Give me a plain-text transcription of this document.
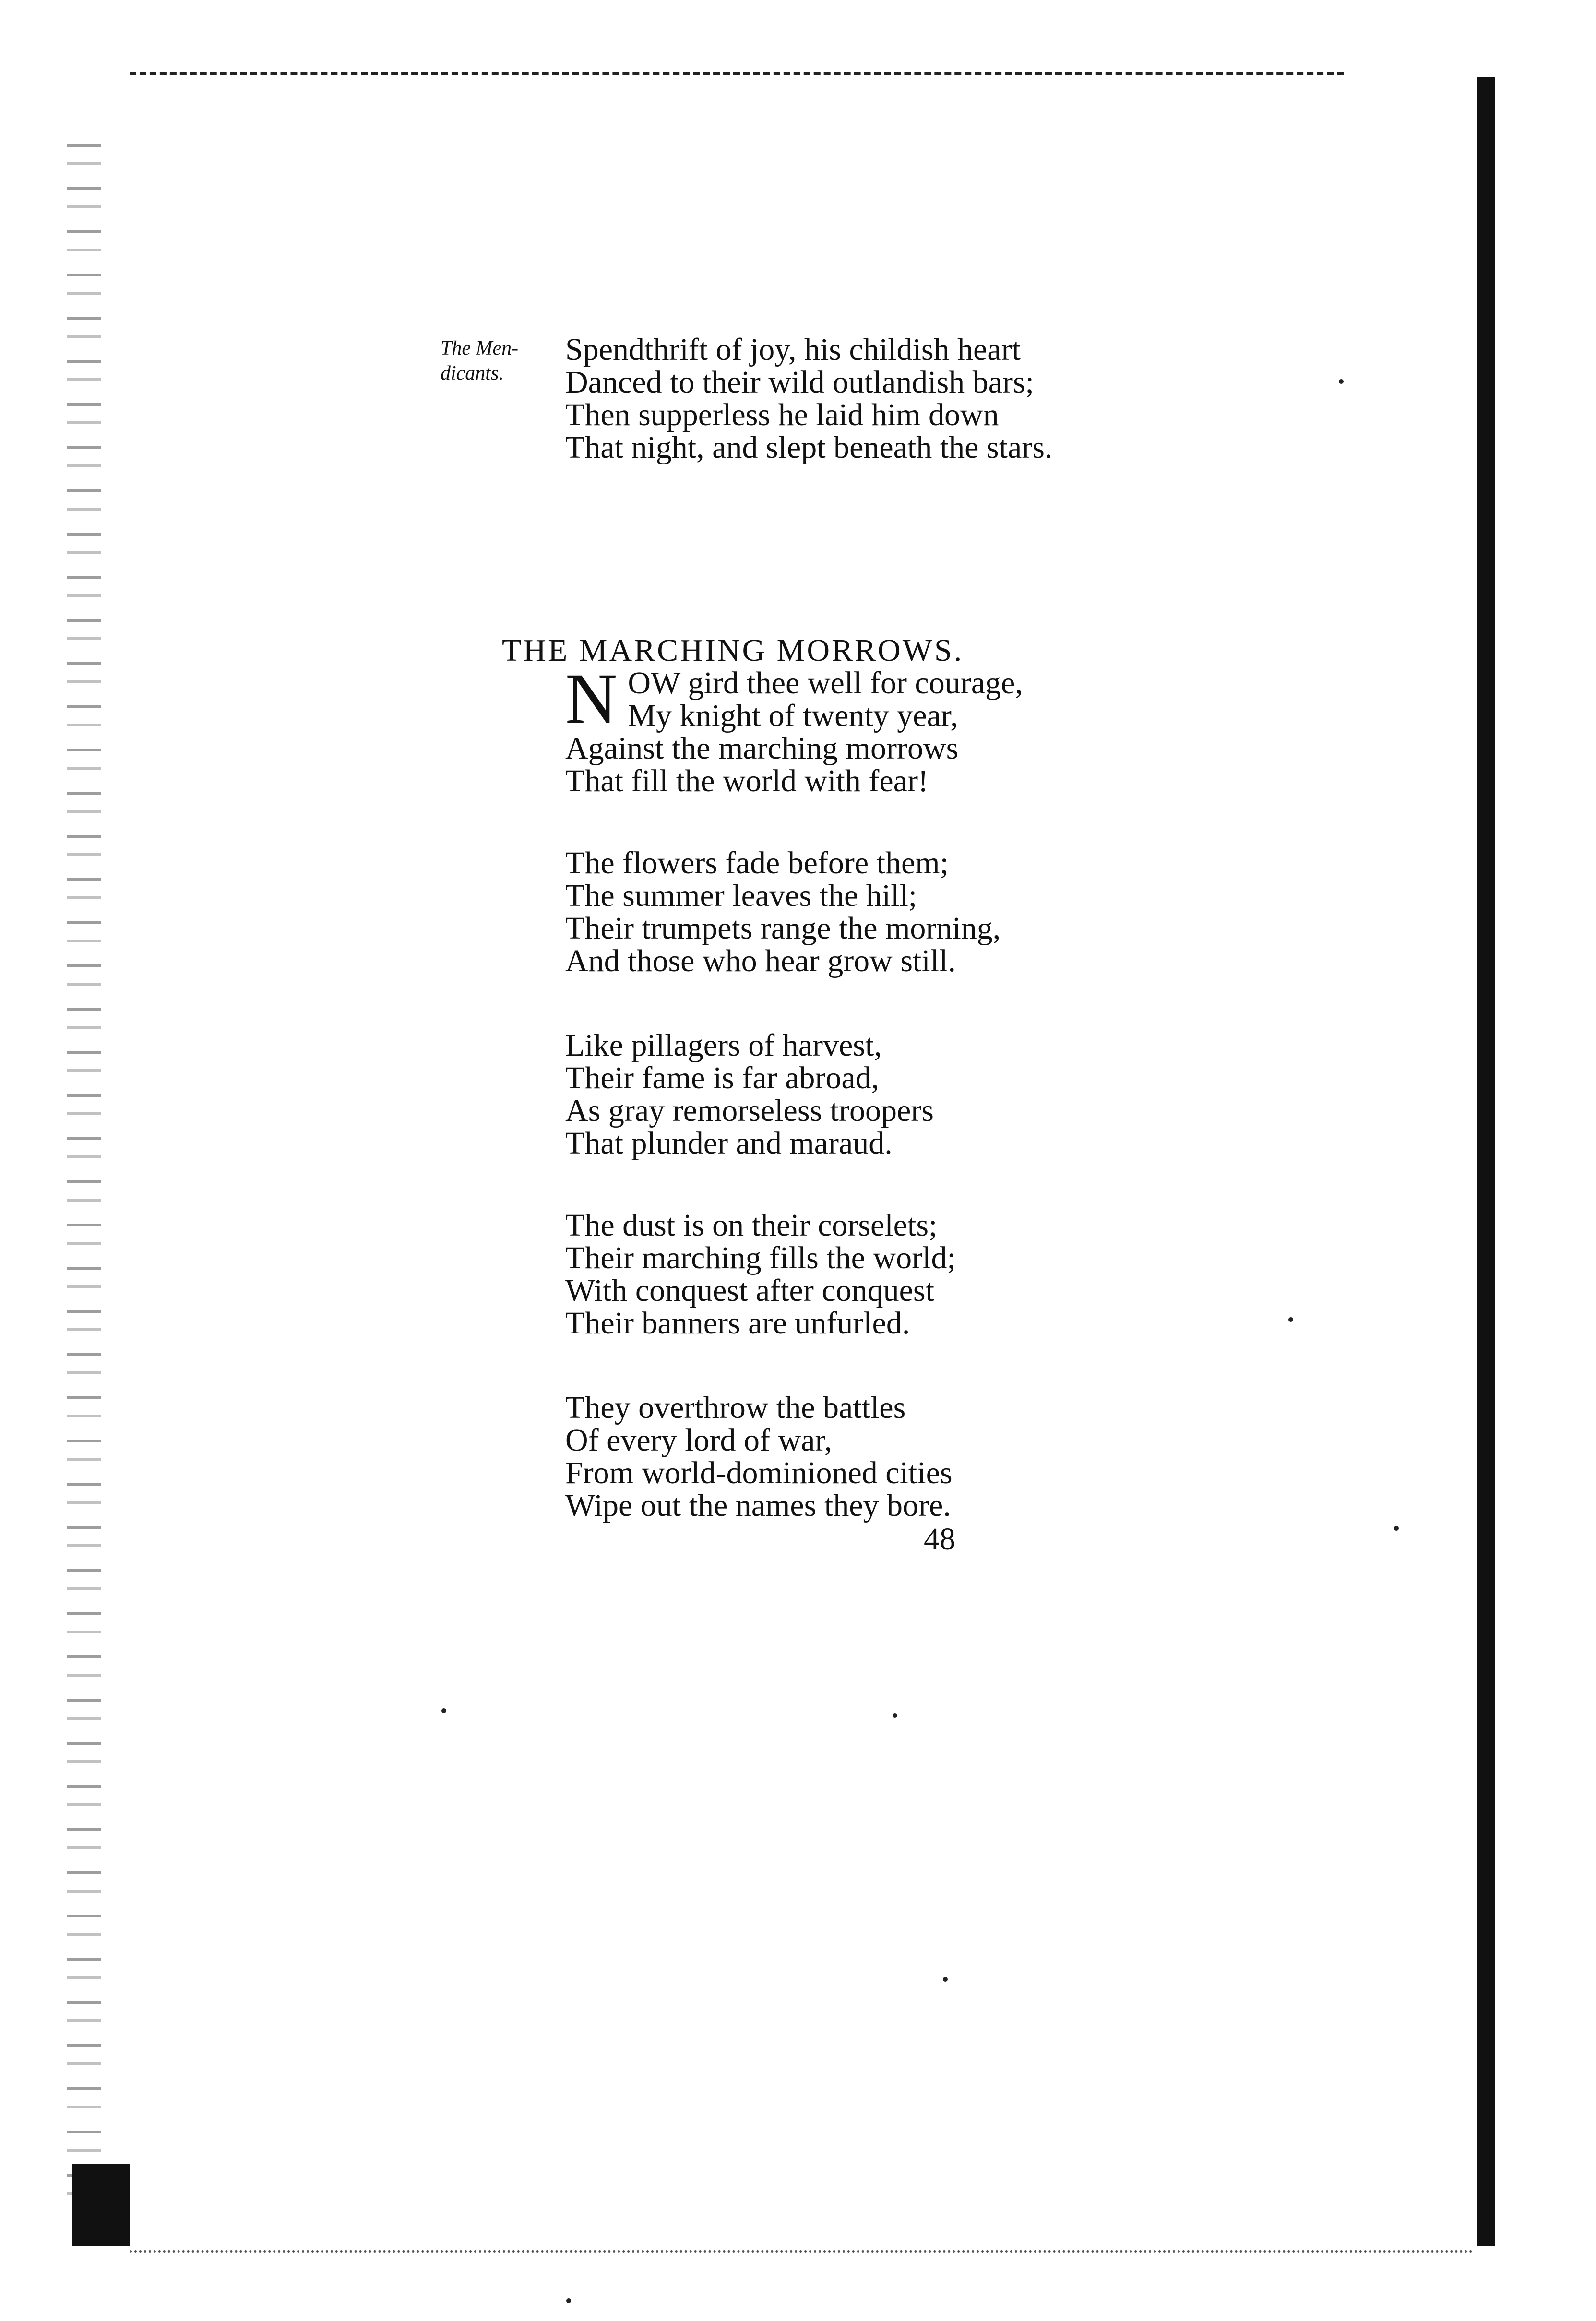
The Men-
dicants.
Spendthrift of joy, his childish heart
Danced to their wild outlandish bars;
Then supperless he laid him down
That night, and slept beneath the stars.
THE MARCHING MORROWS.
N OW gird thee well for courage,
My knight of twenty year,
Against the marching morrows
That fill the world with fear!
The flowers fade before them;
The summer leaves the hill;
Their trumpets range the morning,
And those who hear grow still.
Like pillagers of harvest,
Their fame is far abroad,
As gray remorseless troopers
That plunder and maraud.
The dust is on their corselets;
Their marching fills the world;
With conquest after conquest
Their banners are unfurled.
They overthrow the battles
Of every lord of war,
From world-dominioned cities
Wipe out the names they bore.
48
